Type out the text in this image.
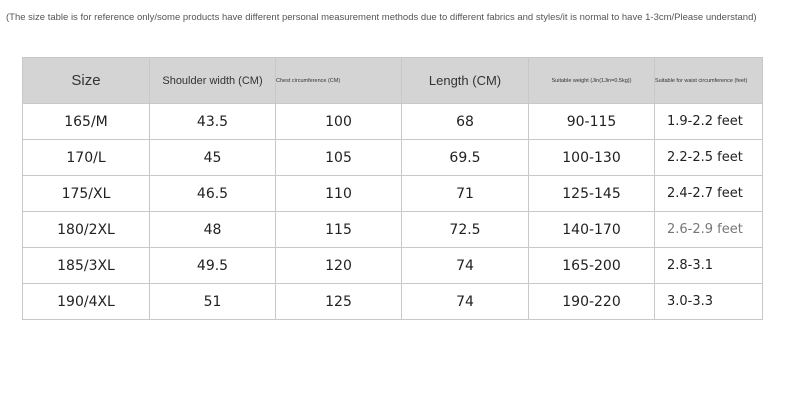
(The size table is for reference only/some products have different personal measurement methods due to different fabrics and styles/it is normal to have 1-3cm/Please understand)
Size	Shoulder width (CM)	Chest circumference (CM)	Length (CM)	Suitable weight (Jin(1Jin=0.5kg))	Suitable for waist circumference (feet)
165/M	43.5	100	68	90-115	1.9-2.2 feet
170/L	45	105	69.5	100-130	2.2-2.5 feet
175/XL	46.5	110	71	125-145	2.4-2.7 feet
180/2XL	48	115	72.5	140-170	2.6-2.9 feet
185/3XL	49.5	120	74	165-200	2.8-3.1
190/4XL	51	125	74	190-220	3.0-3.3
